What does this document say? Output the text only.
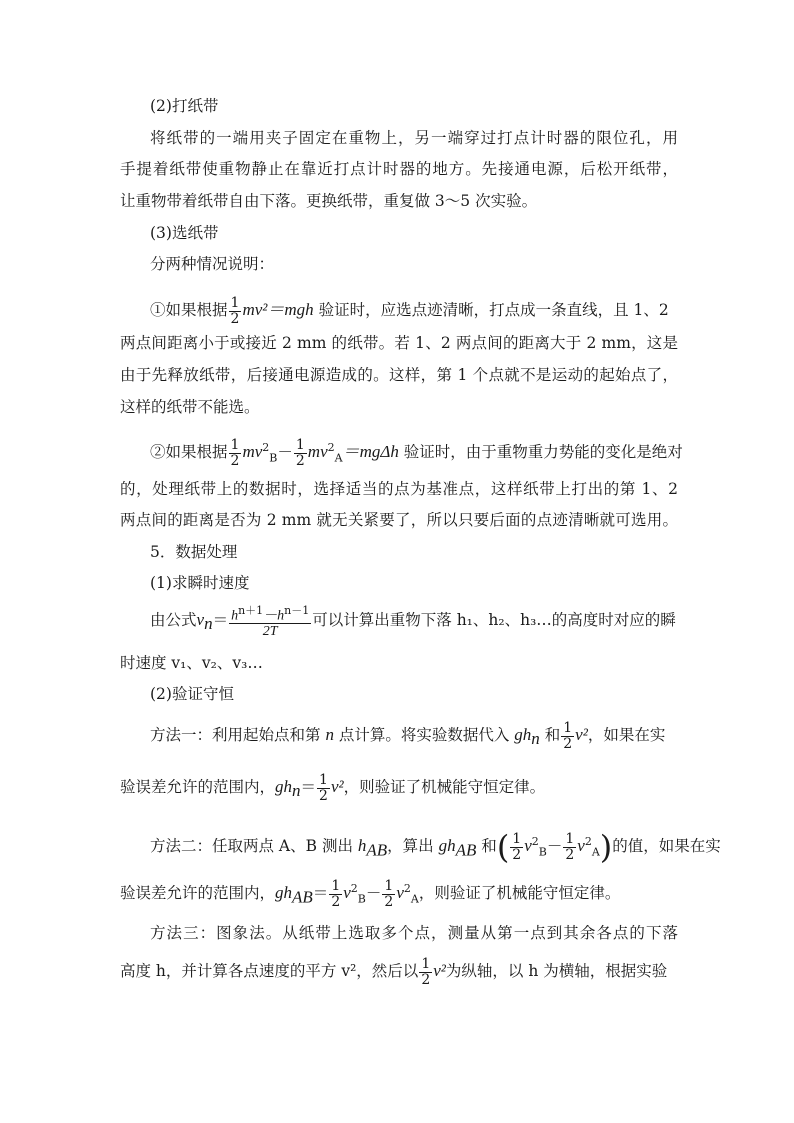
(2)打纸带
将纸带的一端用夹子固定在重物上，另一端穿过打点计时器的限位孔，用
手提着纸带使重物静止在靠近打点计时器的地方。先接通电源，后松开纸带，
让重物带着纸带自由下落。更换纸带，重复做 3～5 次实验。
(3)选纸带
分两种情况说明：
①如果根据 $\frac{1}{2} mv^2=mgh$ 验证时，应选点迹清晰，打点成一条直线，且 1、2
两点间距离小于或接近 2 mm 的纸带。若 1、2 两点间的距离大于 2 mm，这是
由于先释放纸带，后接通电源造成的。这样，第 1 个点就不是运动的起始点了，
这样的纸带不能选。
②如果根据 $\frac{1}{2} mv^2_B- \frac{1}{2} mv^2_A=mg\Delta h$ 验证时，由于重物重力势能的变化是绝对
的，处理纸带上的数据时，选择适当的点为基准点，这样纸带上打出的第 1、2
两点间的距离是否为 2 mm 就无关紧要了，所以只要后面的点迹清晰就可选用。
5．数据处理
(1)求瞬时速度
由公式$v_n= \frac{h^{n+1}-h^{n-1}}{2T}$ 可以计算出重物下落 h₁、h₂、h₃…的高度时对应的瞬
时速度 v₁、v₂、v₃…
(2)验证守恒
方法一：利用起始点和第 n 点计算。将实验数据代入 $gh_n$ 和 $\frac{1}{2} v^2$，如果在实
验误差允许的范围内，$gh_n= \frac{1}{2} v^2$，则验证了机械能守恒定律。
方法二：任取两点 A、B 测出 $h_{AB}$，算出 $gh_{AB}$ 和( $\frac{1}{2} v^2_B- \frac{1}{2} v^2_A$)的值，如果在实
验误差允许的范围内，$gh_{AB}= \frac{1}{2} v^2_B- \frac{1}{2} v^2_A$，则验证了机械能守恒定律。
方法三：图象法。从纸带上选取多个点，测量从第一点到其余各点的下落
高度 h，并计算各点速度的平方 v²，然后以 $\frac{1}{2} v^2$为纵轴，以 h 为横轴，根据实验
